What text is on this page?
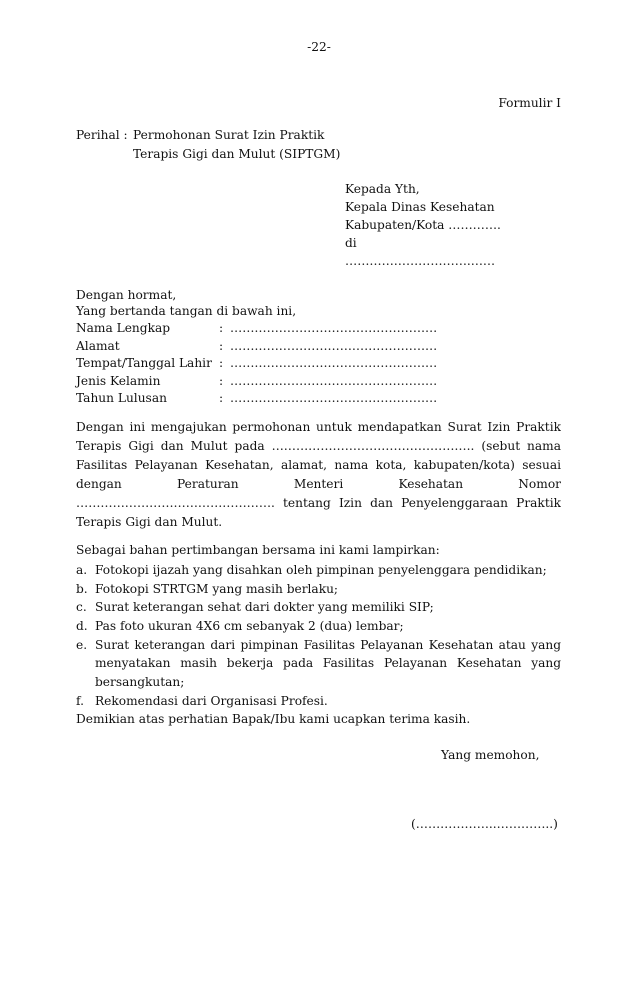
-22-
Formulir I
Perihal : Permohonan Surat Izin Praktik
Terapis Gigi dan Mulut (SIPTGM)
Kepada Yth,
Kepala Dinas Kesehatan
Kabupaten/Kota ………….
di
………………………….……
Dengan hormat,
Yang bertanda tangan di bawah ini,
Nama Lengkap	: ……………………………………………
Alamat	: ……………………………………………
Tempat/Tanggal Lahir : ……………………………………………
Jenis Kelamin	: ……………………………………………
Tahun Lulusan	: ……………………………………………
Dengan ini mengajukan permohonan untuk mendapatkan Surat Izin Praktik
Terapis Gigi dan Mulut pada ………………………………………….. (sebut nama
Fasilitas Pelayanan Kesehatan, alamat, nama kota, kabupaten/kota) sesuai
dengan Peraturan Menteri Kesehatan Nomor
…………………………………………. tentang Izin dan Penyelenggaraan Praktik
Terapis Gigi dan Mulut.
Sebagai bahan pertimbangan bersama ini kami lampirkan:
a. Fotokopi ijazah yang disahkan oleh pimpinan penyelenggara pendidikan;
b. Fotokopi STRTGM yang masih berlaku;
c. Surat keterangan sehat dari dokter yang memiliki SIP;
d. Pas foto ukuran 4X6 cm sebanyak 2 (dua) lembar;
e. Surat keterangan dari pimpinan Fasilitas Pelayanan Kesehatan atau yang
menyatakan masih bekerja pada Fasilitas Pelayanan Kesehatan yang
bersangkutan;
f. Rekomendasi dari Organisasi Profesi.
Demikian atas perhatian Bapak/Ibu kami ucapkan terima kasih.
Yang memohon,
(………………..…………..)
